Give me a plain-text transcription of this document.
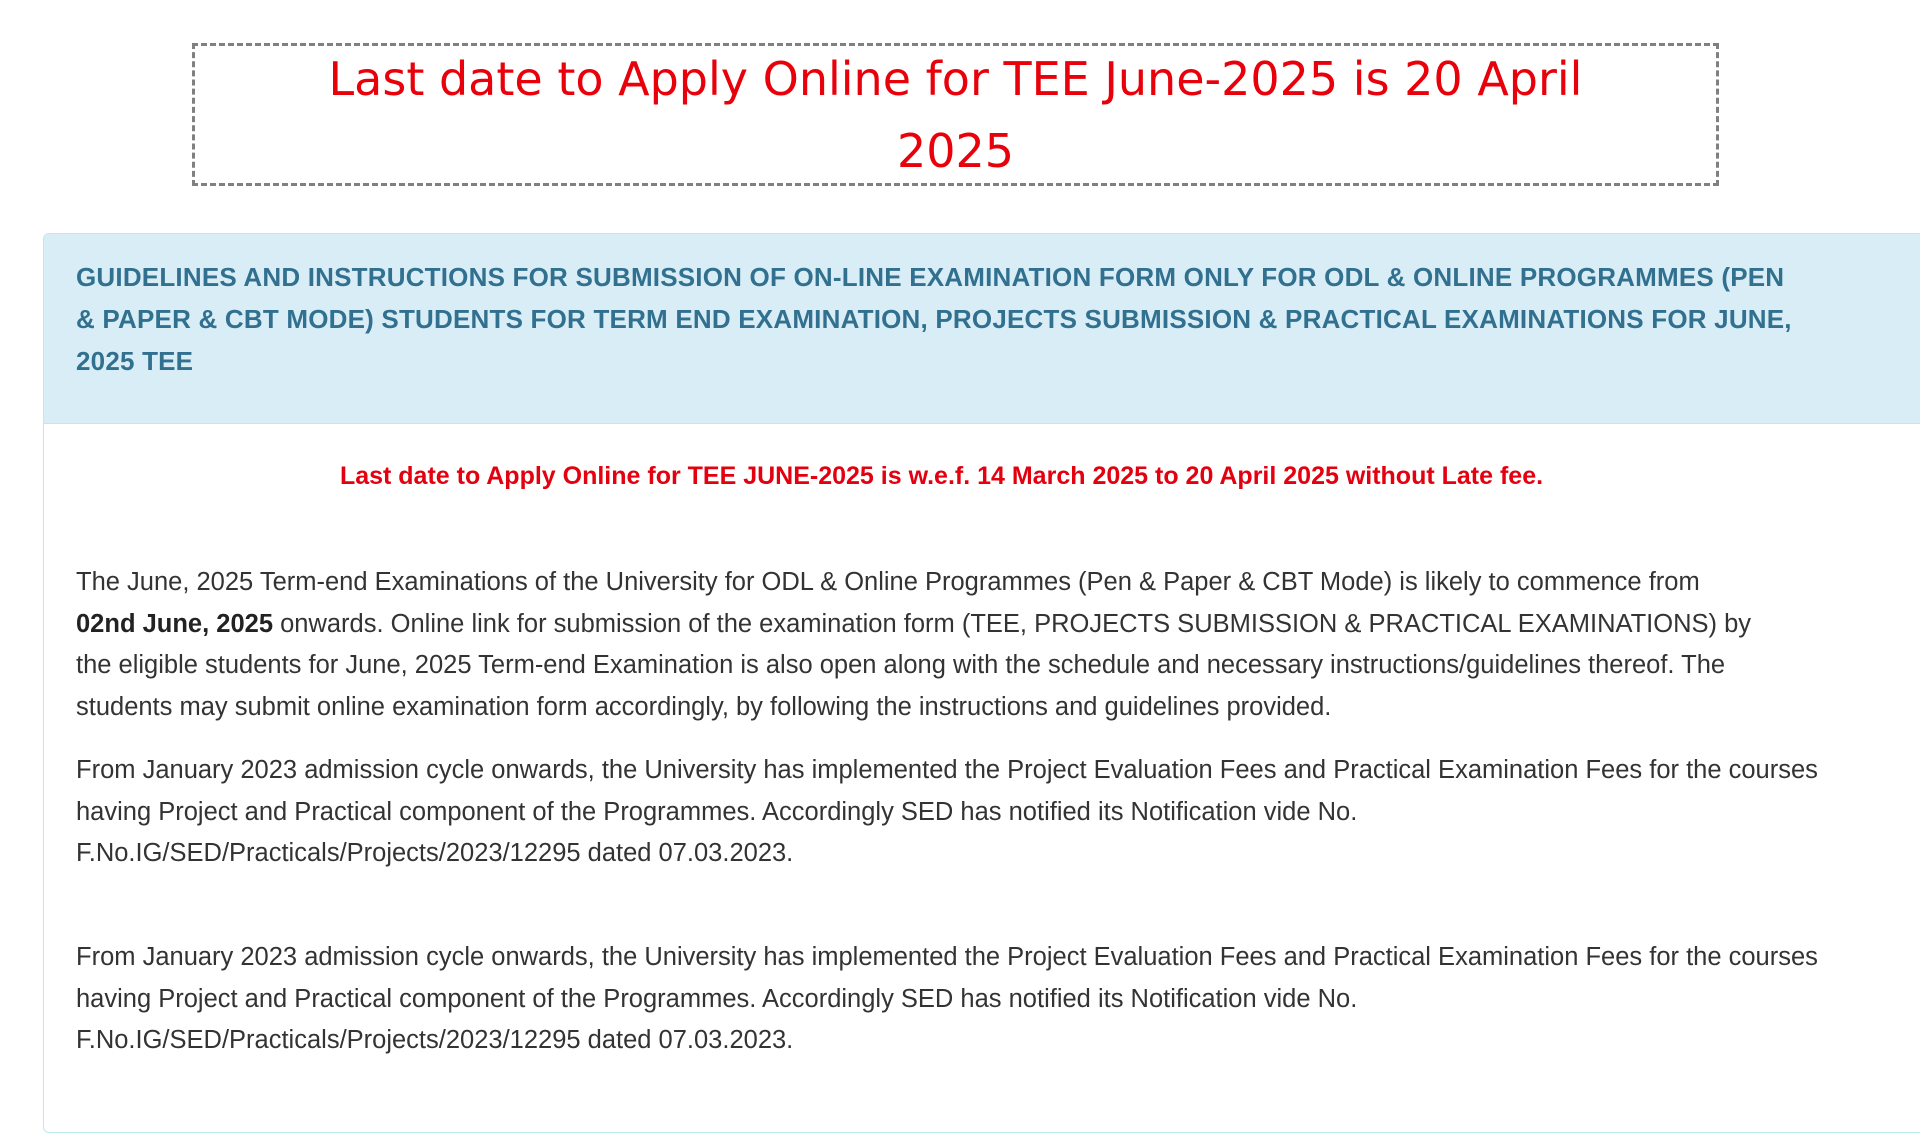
Last date to Apply Online for TEE June-2025 is 20 April 2025

GUIDELINES AND INSTRUCTIONS FOR SUBMISSION OF ON-LINE EXAMINATION FORM ONLY FOR ODL & ONLINE PROGRAMMES (PEN
& PAPER & CBT MODE) STUDENTS FOR TERM END EXAMINATION, PROJECTS SUBMISSION & PRACTICAL EXAMINATIONS FOR JUNE,
2025 TEE

Last date to Apply Online for TEE JUNE-2025 is w.e.f. 14 March 2025 to 20 April 2025 without Late fee.

The June, 2025 Term-end Examinations of the University for ODL & Online Programmes (Pen & Paper & CBT Mode) is likely to commence from
02nd June, 2025 onwards. Online link for submission of the examination form (TEE, PROJECTS SUBMISSION & PRACTICAL EXAMINATIONS) by
the eligible students for June, 2025 Term-end Examination is also open along with the schedule and necessary instructions/guidelines thereof. The
students may submit online examination form accordingly, by following the instructions and guidelines provided.
From January 2023 admission cycle onwards, the University has implemented the Project Evaluation Fees and Practical Examination Fees for the courses
having Project and Practical component of the Programmes. Accordingly SED has notified its Notification vide No.
F.No.IG/SED/Practicals/Projects/2023/12295 dated 07.03.2023.
From January 2023 admission cycle onwards, the University has implemented the Project Evaluation Fees and Practical Examination Fees for the courses
having Project and Practical component of the Programmes. Accordingly SED has notified its Notification vide No.
F.No.IG/SED/Practicals/Projects/2023/12295 dated 07.03.2023.
